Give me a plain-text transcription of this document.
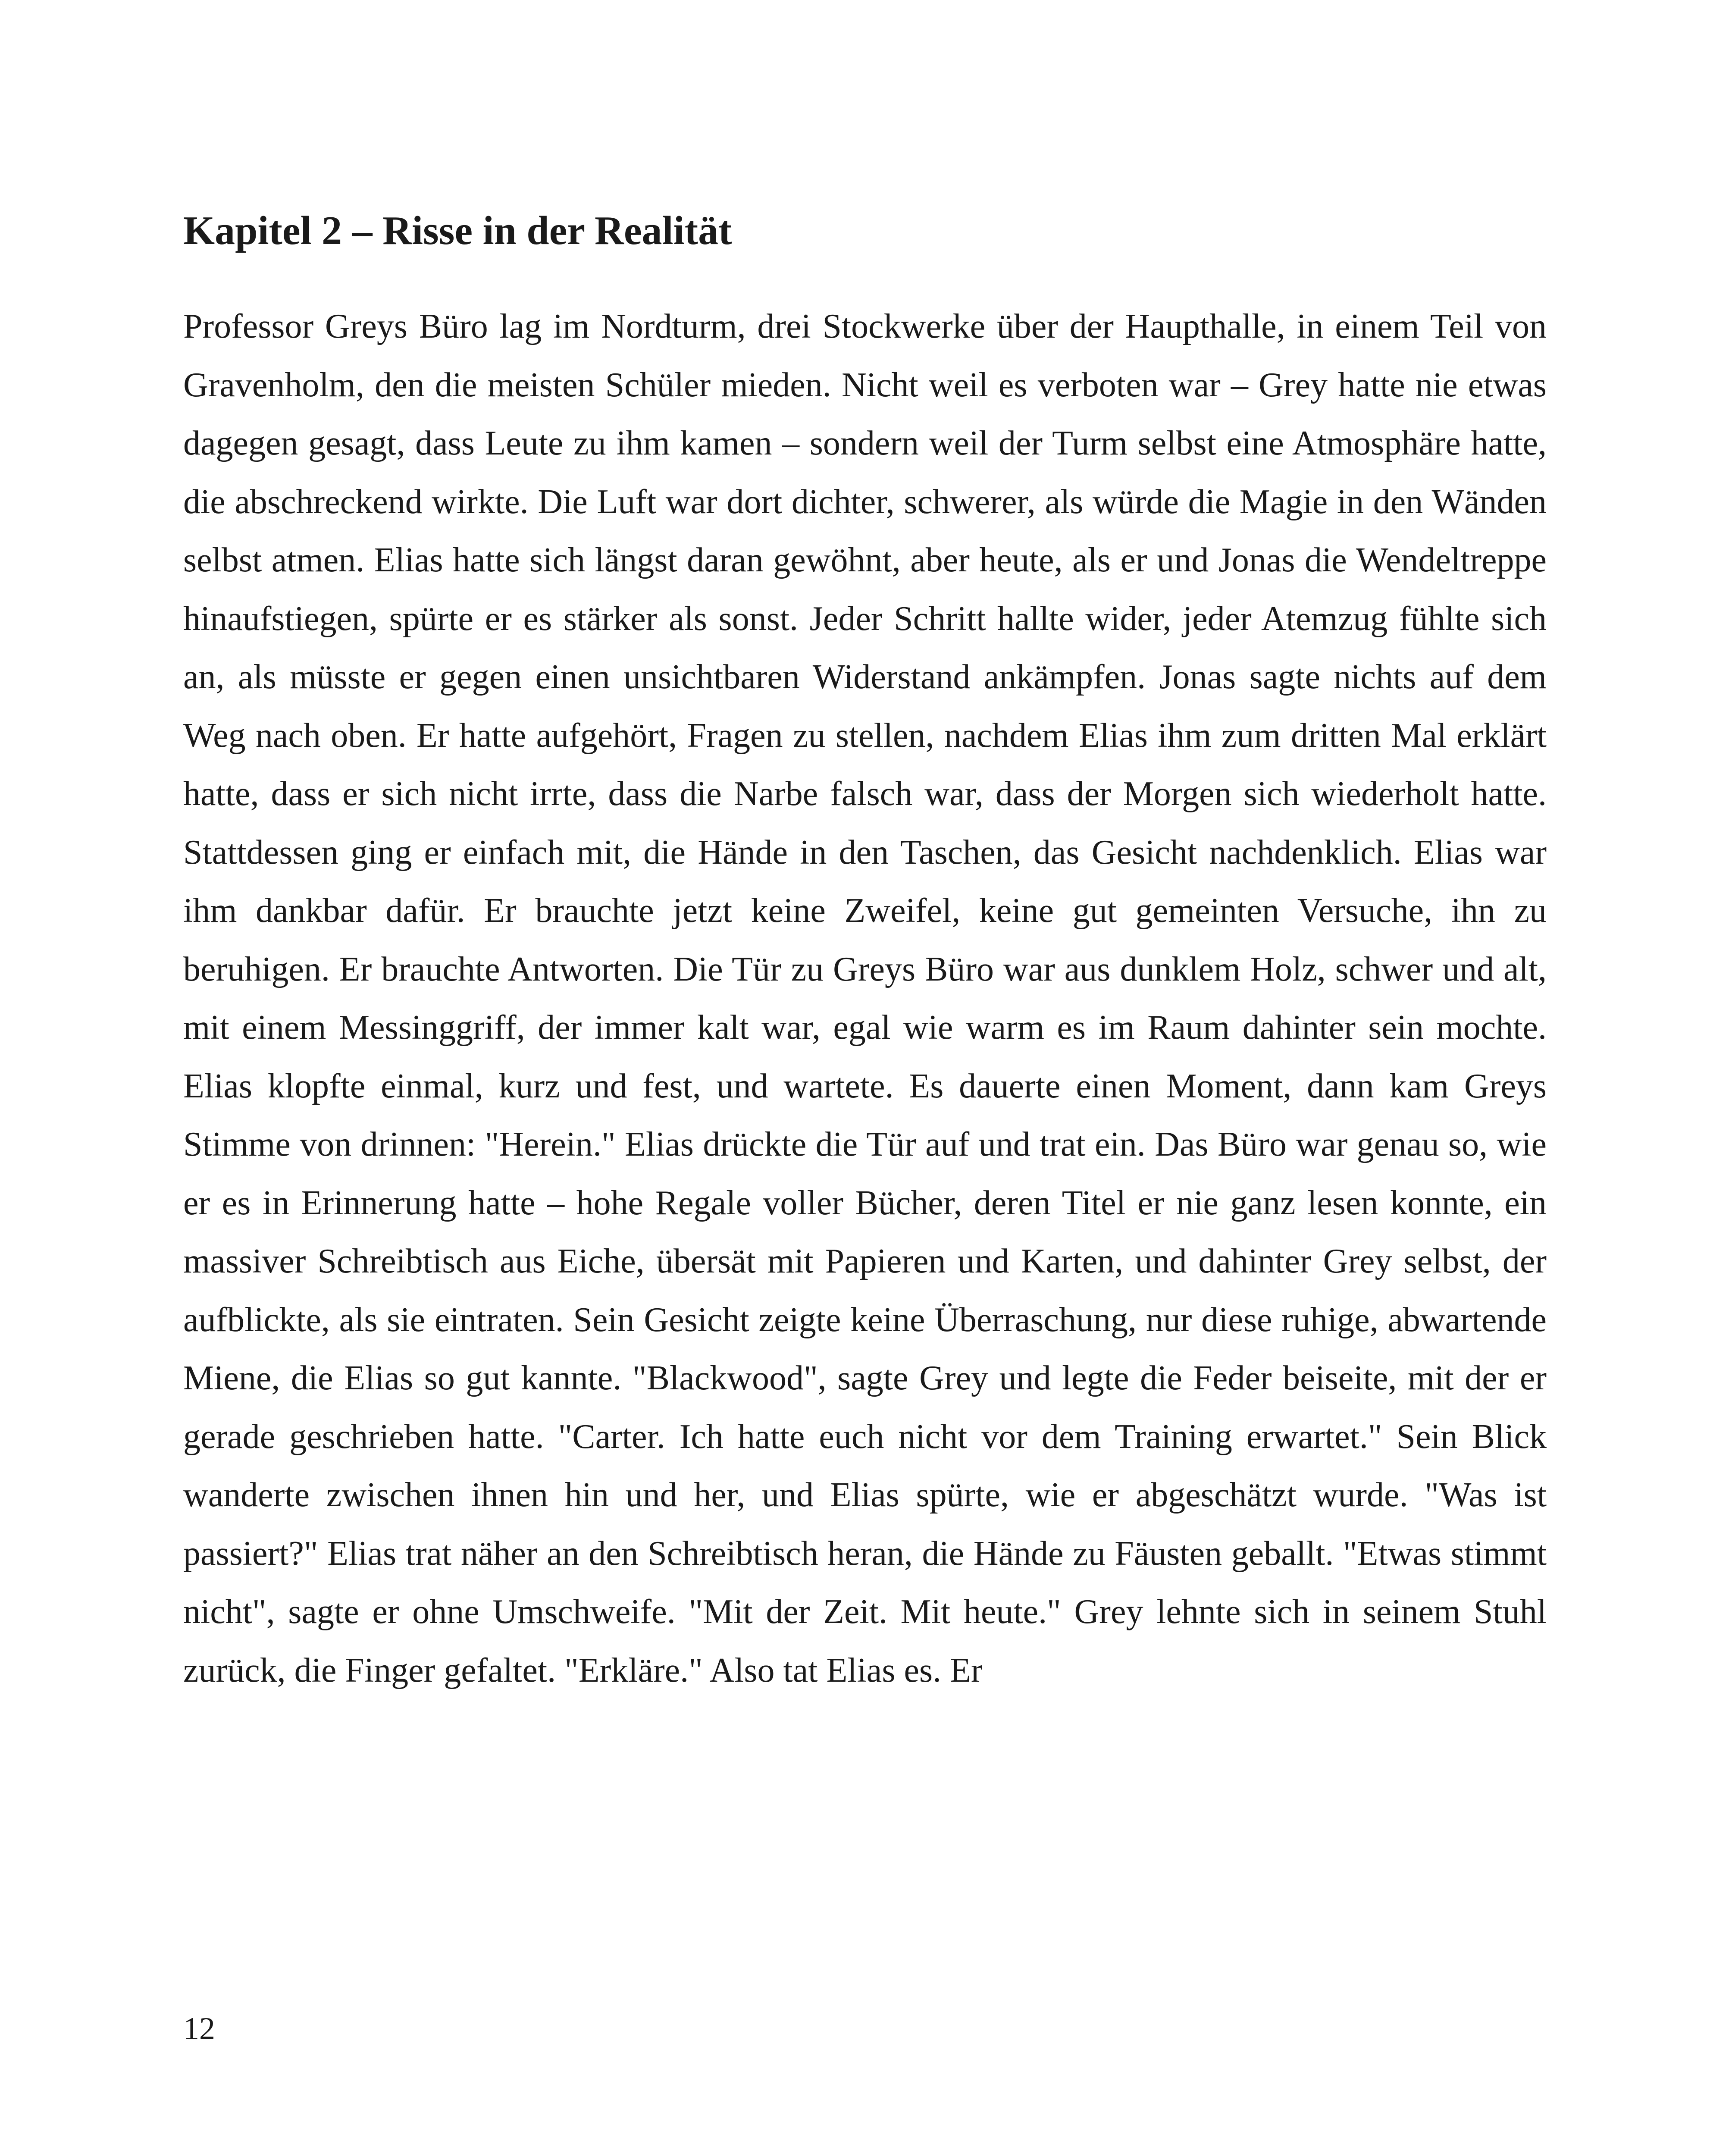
Kapitel 2 – Risse in der Realität

Professor Greys Büro lag im Nordturm, drei Stockwerke über der Haupthalle, in einem Teil von Gravenholm, den die meisten Schüler mieden. Nicht weil es verboten war – Grey hatte nie etwas dagegen gesagt, dass Leute zu ihm kamen – sondern weil der Turm selbst eine Atmosphäre hatte, die abschreckend wirkte. Die Luft war dort dichter, schwerer, als würde die Magie in den Wänden selbst atmen. Elias hatte sich längst daran gewöhnt, aber heute, als er und Jonas die Wendeltreppe hinaufstiegen, spürte er es stärker als sonst. Jeder Schritt hallte wider, jeder Atemzug fühlte sich an, als müsste er gegen einen unsichtbaren Widerstand ankämpfen. Jonas sagte nichts auf dem Weg nach oben. Er hatte aufgehört, Fragen zu stellen, nachdem Elias ihm zum dritten Mal erklärt hatte, dass er sich nicht irrte, dass die Narbe falsch war, dass der Morgen sich wiederholt hatte. Stattdessen ging er einfach mit, die Hände in den Taschen, das Gesicht nachdenklich. Elias war ihm dankbar dafür. Er brauchte jetzt keine Zweifel, keine gut gemeinten Versuche, ihn zu beruhigen. Er brauchte Antworten. Die Tür zu Greys Büro war aus dunklem Holz, schwer und alt, mit einem Messinggriff, der immer kalt war, egal wie warm es im Raum dahinter sein mochte. Elias klopfte einmal, kurz und fest, und wartete. Es dauerte einen Moment, dann kam Greys Stimme von drinnen: "Herein." Elias drückte die Tür auf und trat ein. Das Büro war genau so, wie er es in Erinnerung hatte – hohe Regale voller Bücher, deren Titel er nie ganz lesen konnte, ein massiver Schreibtisch aus Eiche, übersät mit Papieren und Karten, und dahinter Grey selbst, der aufblickte, als sie eintraten. Sein Gesicht zeigte keine Überraschung, nur diese ruhige, abwartende Miene, die Elias so gut kannte. "Blackwood", sagte Grey und legte die Feder beiseite, mit der er gerade geschrieben hatte. "Carter. Ich hatte euch nicht vor dem Training erwartet." Sein Blick wanderte zwischen ihnen hin und her, und Elias spürte, wie er abgeschätzt wurde. "Was ist passiert?" Elias trat näher an den Schreibtisch heran, die Hände zu Fäusten geballt. "Etwas stimmt nicht", sagte er ohne Umschweife. "Mit der Zeit. Mit heute." Grey lehnte sich in seinem Stuhl zurück, die Finger gefaltet. "Erkläre." Also tat Elias es. Er

12
